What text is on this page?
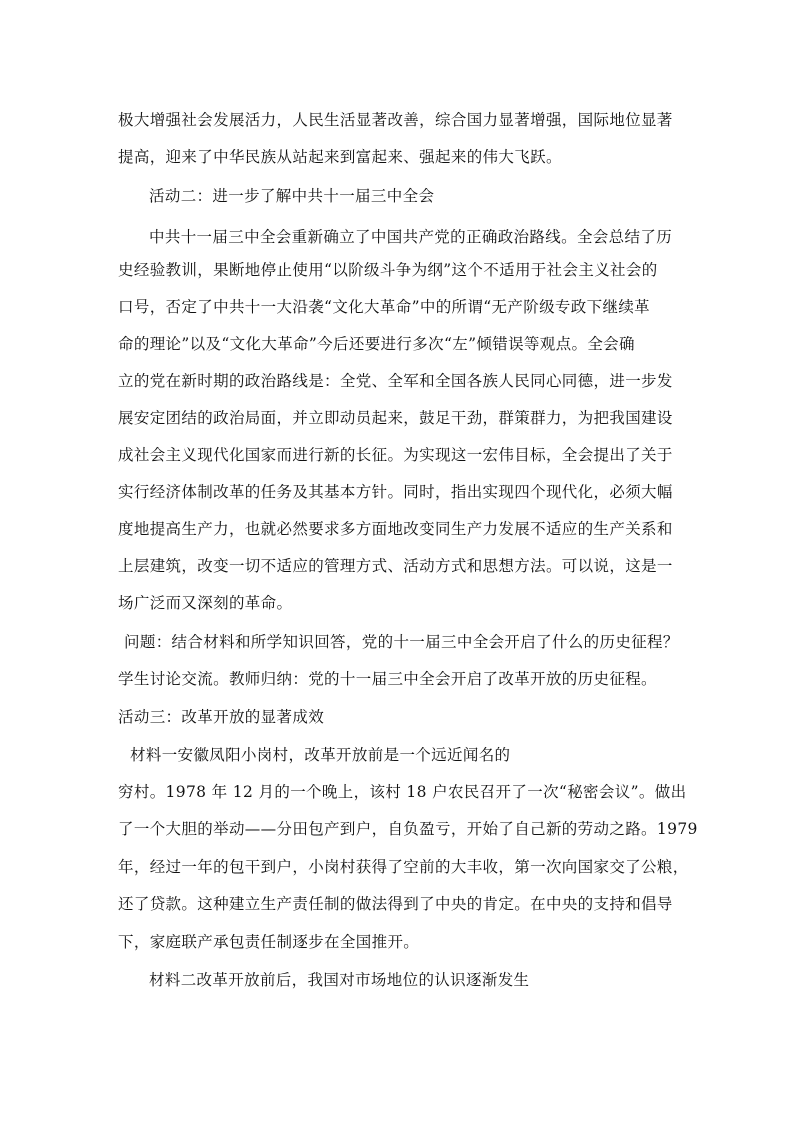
极大增强社会发展活力，人民生活显著改善，综合国力显著增强，国际地位显著
提高，迎来了中华民族从站起来到富起来、强起来的伟大飞跃。
活动二：进一步了解中共十一届三中全会
中共十一届三中全会重新确立了中国共产党的正确政治路线。全会总结了历
史经验教训，果断地停止使用“以阶级斗争为纲”这个不适用于社会主义社会的
口号，否定了中共十一大沿袭“文化大革命”中的所谓“无产阶级专政下继续革
命的理论”以及“文化大革命”今后还要进行多次“左”倾错误等观点。全会确
立的党在新时期的政治路线是：全党、全军和全国各族人民同心同德，进一步发
展安定团结的政治局面，并立即动员起来，鼓足干劲，群策群力，为把我国建设
成社会主义现代化国家而进行新的长征。为实现这一宏伟目标，全会提出了关于
实行经济体制改革的任务及其基本方针。同时，指出实现四个现代化，必须大幅
度地提高生产力，也就必然要求多方面地改变同生产力发展不适应的生产关系和
上层建筑，改变一切不适应的管理方式、活动方式和思想方法。可以说，这是一
场广泛而又深刻的革命。
问题：结合材料和所学知识回答，党的十一届三中全会开启了什么的历史征程？
学生讨论交流。教师归纳：党的十一届三中全会开启了改革开放的历史征程。
活动三：改革开放的显著成效
材料一安徽凤阳小岗村，改革开放前是一个远近闻名的
穷村。1978 年 12 月的一个晚上，该村 18 户农民召开了一次“秘密会议”。做出
了一个大胆的举动——分田包产到户，自负盈亏，开始了自己新的劳动之路。1979
年，经过一年的包干到户，小岗村获得了空前的大丰收，第一次向国家交了公粮，
还了贷款。这种建立生产责任制的做法得到了中央的肯定。在中央的支持和倡导
下，家庭联产承包责任制逐步在全国推开。
材料二改革开放前后，我国对市场地位的认识逐渐发生
